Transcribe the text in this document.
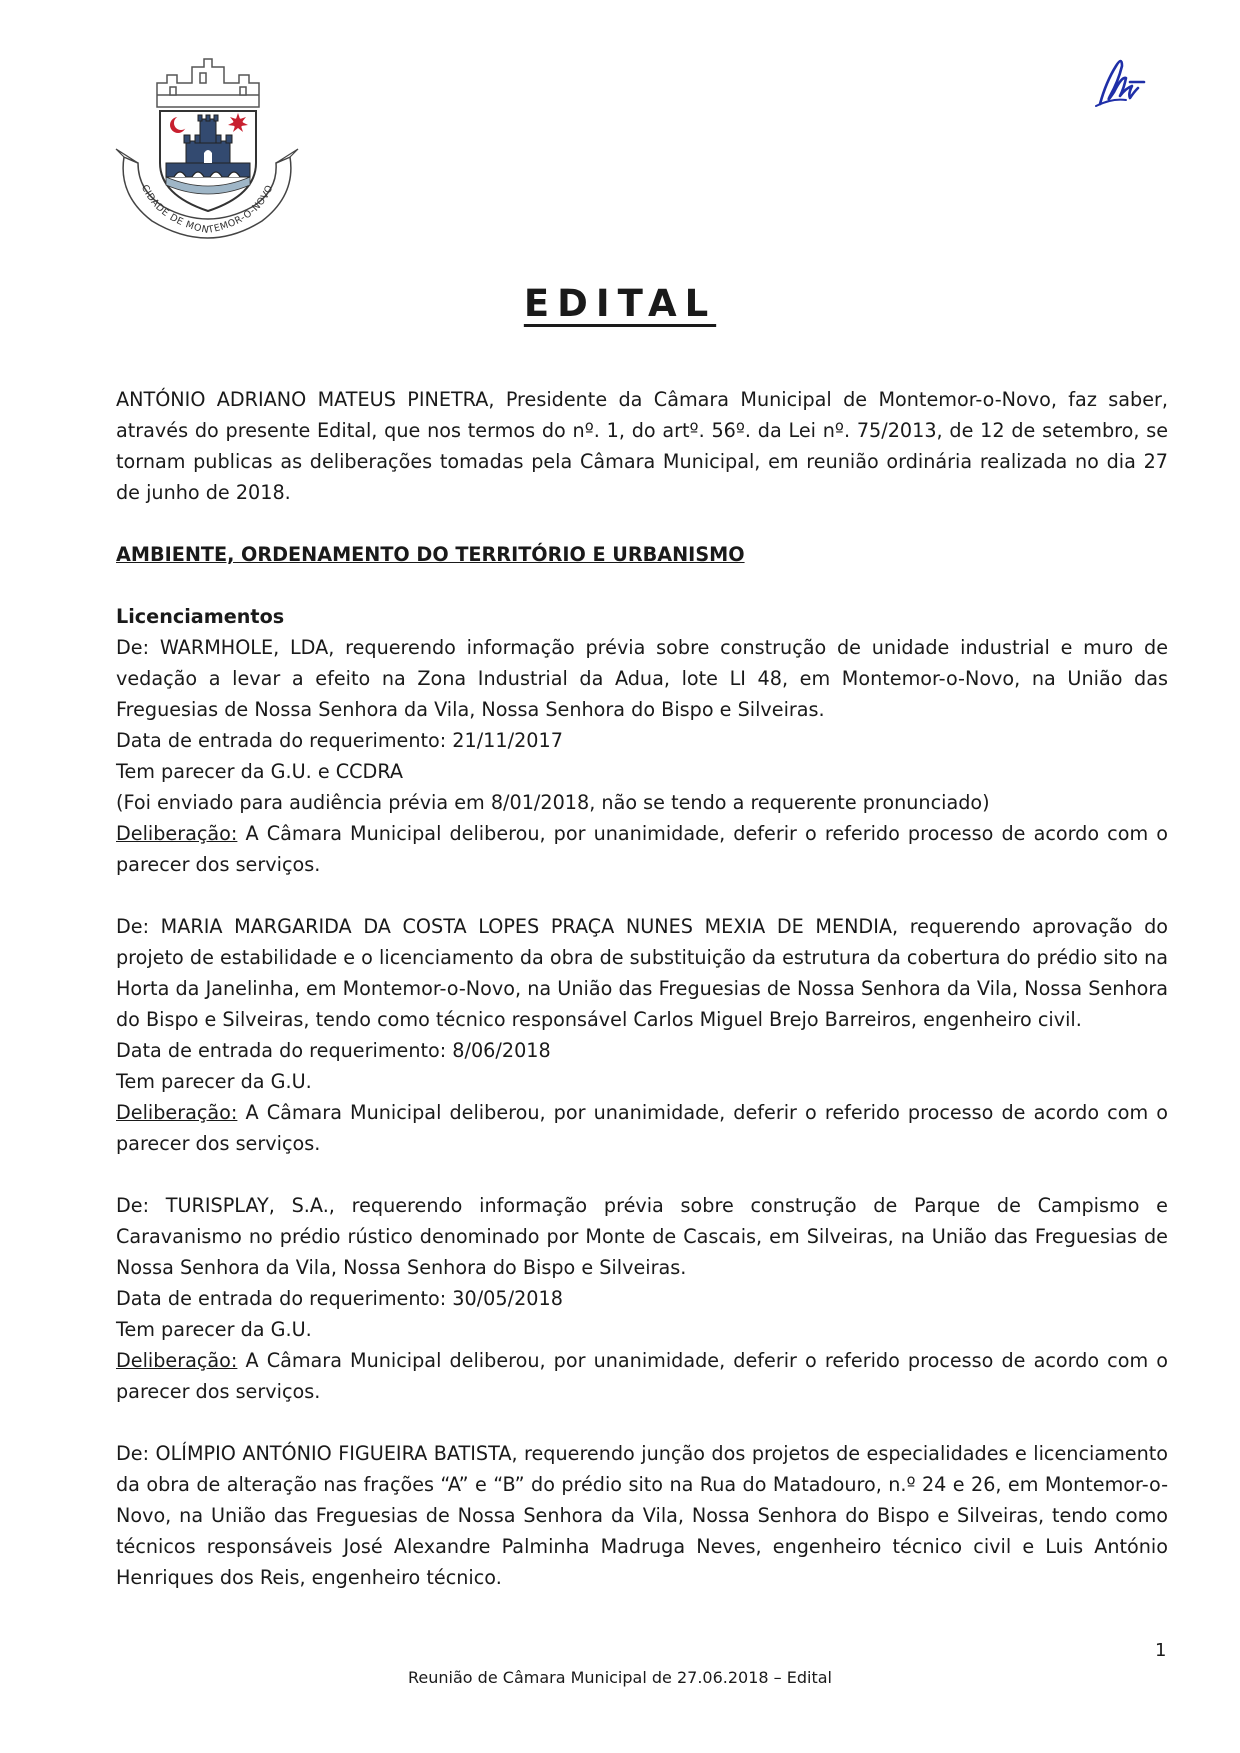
CIDADE DE MONTEMOR-O-NOVO
EDITAL

ANTÓNIO ADRIANO MATEUS PINETRA, Presidente da Câmara Municipal de Montemor-o-Novo, faz saber, através do presente Edital, que nos termos do nº. 1, do artº. 56º. da Lei nº. 75/2013, de 12 de setembro, se tornam publicas as deliberações tomadas pela Câmara Municipal, em reunião ordinária realizada no dia 27 de junho de 2018.

AMBIENTE, ORDENAMENTO DO TERRITÓRIO E URBANISMO

Licenciamentos

De: WARMHOLE, LDA, requerendo informação prévia sobre construção de unidade industrial e muro de vedação a levar a efeito na Zona Industrial da Adua, lote LI 48, em Montemor-o-Novo, na União das Freguesias de Nossa Senhora da Vila, Nossa Senhora do Bispo e Silveiras.

Data de entrada do requerimento: 21/11/2017

Tem parecer da G.U. e CCDRA

(Foi enviado para audiência prévia em 8/01/2018, não se tendo a requerente pronunciado)

Deliberação: A Câmara Municipal deliberou, por unanimidade, deferir o referido processo de acordo com o parecer dos serviços.

De: MARIA MARGARIDA DA COSTA LOPES PRAÇA NUNES MEXIA DE MENDIA, requerendo aprovação do projeto de estabilidade e o licenciamento da obra de substituição da estrutura da cobertura do prédio sito na Horta da Janelinha, em Montemor-o-Novo, na União das Freguesias de Nossa Senhora da Vila, Nossa Senhora do Bispo e Silveiras, tendo como técnico responsável Carlos Miguel Brejo Barreiros, engenheiro civil.

Data de entrada do requerimento: 8/06/2018

Tem parecer da G.U.

Deliberação: A Câmara Municipal deliberou, por unanimidade, deferir o referido processo de acordo com o parecer dos serviços.

De: TURISPLAY, S.A., requerendo informação prévia sobre construção de Parque de Campismo e Caravanismo no prédio rústico denominado por Monte de Cascais, em Silveiras, na União das Freguesias de Nossa Senhora da Vila, Nossa Senhora do Bispo e Silveiras.

Data de entrada do requerimento: 30/05/2018

Tem parecer da G.U.

Deliberação: A Câmara Municipal deliberou, por unanimidade, deferir o referido processo de acordo com o parecer dos serviços.

De: OLÍMPIO ANTÓNIO FIGUEIRA BATISTA, requerendo junção dos projetos de especialidades e licenciamento da obra de alteração nas frações “A” e “B” do prédio sito na Rua do Matadouro, n.º 24 e 26, em Montemor-o-Novo, na União das Freguesias de Nossa Senhora da Vila, Nossa Senhora do Bispo e Silveiras, tendo como técnicos responsáveis José Alexandre Palminha Madruga Neves, engenheiro técnico civil e Luis António Henriques dos Reis, engenheiro técnico.

1
Reunião de Câmara Municipal de 27.06.2018 – Edital
